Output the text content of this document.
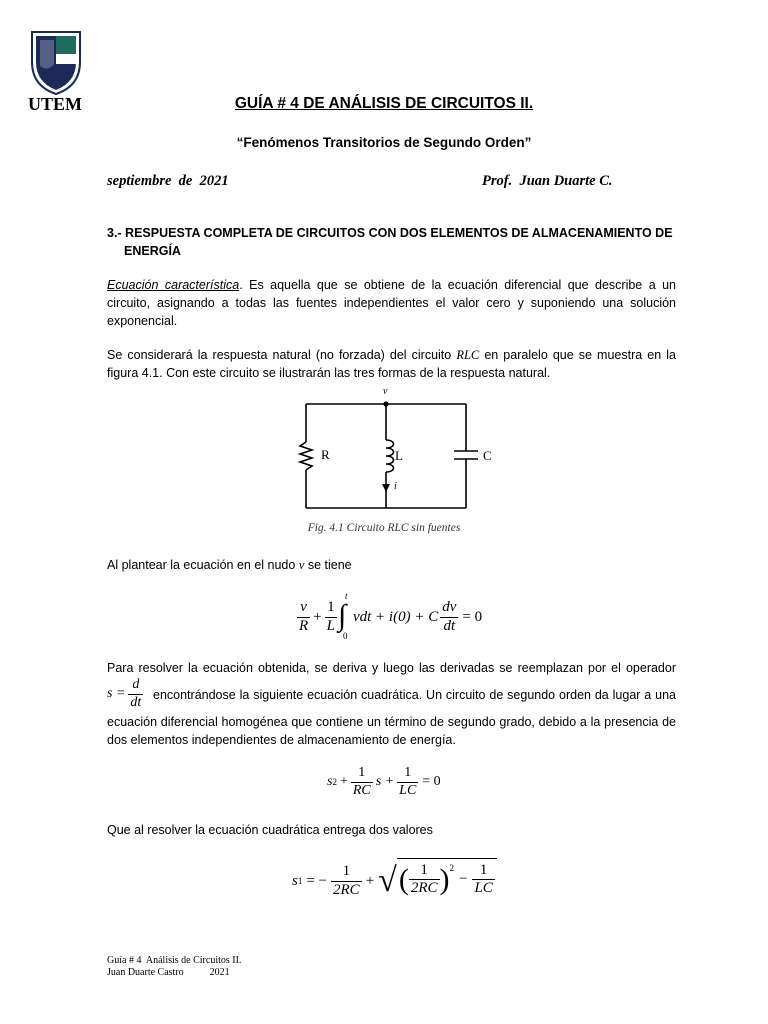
UTEM	GUÍA # 4 DE ANÁLISIS DE CIRCUITOS II.
“Fenómenos Transitorios de Segundo Orden”
septiembre  de  2021	Prof.  Juan Duarte C.
3.- RESPUESTA COMPLETA DE CIRCUITOS CON DOS ELEMENTOS DE ALMACENAMIENTO DE
ENERGÍA
Ecuación característica. Es aquella que se obtiene de la ecuación diferencial que describe a un circuito, asignando a todas las fuentes independientes el valor cero y suponiendo una solución exponencial.
Se considerará la respuesta natural (no forzada) del circuito RLC en paralelo que se muestra en la figura 4.1. Con este circuito se ilustrarán las tres formas de la respuesta natural.
v
R	L	C
i
Fig. 4.1 Circuito RLC sin fuentes
Al plantear la ecuación en el nudo v se tiene
$\frac{v}{R} + \frac{1}{L}$ ∫
t
0
vdt + i(0) + C $\frac{dv}{dt} = 0$
Para resolver la ecuación obtenida, se deriva y luego las derivadas se reemplazan por el operador
$s = \frac{d}{dt}$ encontrándose la siguiente ecuación cuadrática. Un circuito de segundo orden da lugar a una
ecuación diferencial homogénea que contiene un término de segundo grado, debido a la presencia de dos elementos independientes de almacenamiento de energía.
s $2 + \frac{1}{RC}$ $s + \frac{1}{LC} = 0$
Que al resolver la ecuación cuadrática entrega dos valores
s 1 = − $\frac{1}{2RC}$ + √ ( $\frac{1}{2RC} )^2$
− $\frac{1}{LC}$
Guía # 4  Análisis de Circuitos II.
Juan Duarte Castro	2021
